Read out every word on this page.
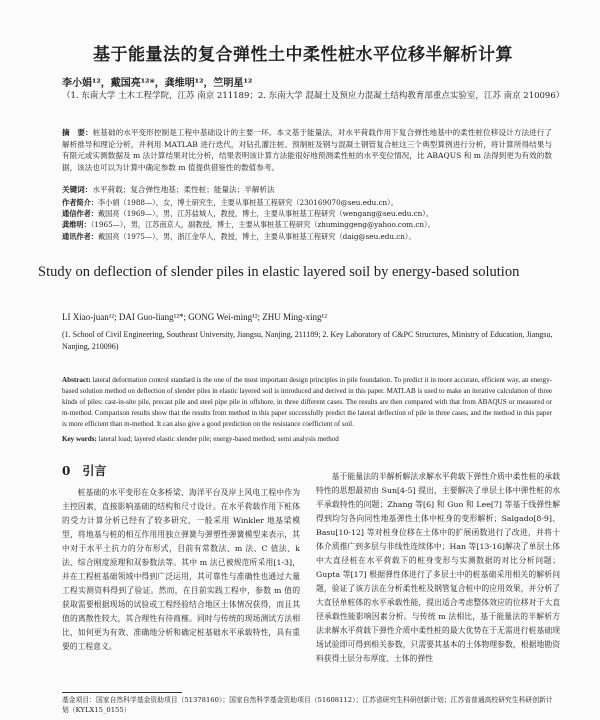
基于能量法的复合弹性土中柔性桩水平位移半解析计算
李小娟¹²，戴国亮¹²*，龚维明¹²，竺明星¹²
（1. 东南大学 土木工程学院，江苏 南京 211189；2. 东南大学 混凝土及预应力混凝土结构教育部重点实验室，江苏 南京 210096）
摘　要：桩基础的水平变形控制是工程中基础设计的主要一环。本文基于能量法，对水平荷载作用下复合弹性地基中的柔性桩位移设计方法进行了解析推导和理论分析，并利用 MATLAB 进行迭代，对钻孔灌注桩、预制桩及钢与混凝土钢管复合桩这三个典型算例进行分析，将计算所得结果与有限元或实测数据及 m 法计算结果对比分析，结果表明该计算方法能很好地预测柔性桩的水平变位情况，比 ABAQUS 和 m 法得到更为有效的数据，该法也可以为计算中确定参数 m 值提供借鉴性的数值参考。
关键词：水平荷载；复合弹性地基；柔性桩；能量法；半解析法
作者简介：李小娟（1988—），女，博士研究生，主要从事桩基工程研究（230169070@seu.edu.cn）。
通信作者：戴国亮（1969—），男，江苏盐城人，教授，博士，主要从事桩基工程研究（wengang@seu.edu.cn）。
龚维明：（1965—），男，江苏南京人，副教授，博士，主要从事桩基工程研究（zhuminggeng@yahoo.com.cn）。
通讯作者：戴国亮（1975—），男，浙江金华人，教授，博士，主要从事桩基工程研究（daig@seu.edu.cn）。
Study on deflection of slender piles in elastic layered soil by energy-based solution
LI Xiao-juan¹²; DAI Guo-liang¹²*; GONG Wei-ming¹²; ZHU Ming-xing¹²
(1. School of Civil Engineering, Southeast University, Jiangsu, Nanjing, 211189; 2. Key Laboratory of C&PC Structures, Ministry of Education, Jiangsu, Nanjing, 210096)
Abstract: lateral deformation control standard is the one of the most important design principles in pile foundation. To predict it in more accurate, efficient way, an energy-based solution method on deflection of slender piles in elastic layered soil is introduced and derived in this paper. MATLAB is used to make an iterative calculation of three kinds of piles: cast-in-site pile, precast pile and steel pipe pile in offshore, in three different cases. The results are then compared with that from ABAQUS or measured or m-method. Comparison results show that the results from method in this paper successfully predict the lateral deflection of pile in three cases, and the method in this paper is more efficient than m-method. It can also give a good prediction on the resistance coefficient of soil.
Key words: lateral load; layered elastic slender pile; energy-based method; semi analysis method
0　引言

桩基础的水平变形在众多桥梁、海洋平台及岸上风电工程中作为主控因素，直接影响基础的结构和尺寸设计。在水平荷载作用下桩体的受力计算分析已经有了较多研究，一般采用 Winkler 地基梁模型，将地基与桩的相互作用用独立弹簧与弹塑性弹簧模型来表示，其中对于水平土抗力的分布形式，目前有常数法、m 法、C 值法、k 法、综合刚度原理和双参数法等。其中 m 法已被规范所采用[1-3]，并在工程桩基础领域中得到广泛运用，其可靠性与准确性也通过大量工程实测资料得到了验证。然而，在目前实践工程中，参数 m 值的获取需要根据现场的试验或工程经验结合地区土体情况获得，而且其值的离散性较大，其合理性有待商榷。同时与传统的现场测试方法相比，如何更为有效、准确地分析和确定桩基础水平承载特性，具有重要的工程意义。

基于能量法的半解析解法求解水平荷载下弹性介质中柔性桩的承载特性的思想最初由 Sun[4-5] 提出，主要解决了单层土体中弹性桩的水平承载特性的问题；Zhang 等[6] 和 Guo 和 Lee[7] 等基于线弹性解得到均匀各向同性地基弹性土体中桩身的变形解析；Salgado[8-9]、Basu[10-12] 等对桩身位移在土体中的扩展函数进行了改进，并将十体介质推广到多层与非线性连续体中；Han 等[13-16]解决了单层土体中大直径桩在水平荷载下的桩身变形与实测数据的对比分析问题；Gupta 等[17] 根据弹性体进行了多层土中的桩基础采用相关的解析问题，验证了该方法在分析柔性桩及钢管复合桩中的应用效果，并分析了大直径单桩体的水平承载性能，提出适合考虑整体效应的位移对于大直径承载性能影响因素分析。与传统 m 法相比，基于能量法的半解析方法求解水平荷载下弹性介质中柔性桩的最大优势在于无需进行桩基础现场试验即可得到相关参数，只需要其基本的土体物理参数，根据地勘资料获得土层分布厚度、土体的弹性

基金项目：国家自然科学基金资助项目（51378160）；国家自然科学基金资助项目（51608112）；江苏省研究生科研创新计划；江苏省普通高校研究生科研创新计划（KYLX15_0155）
